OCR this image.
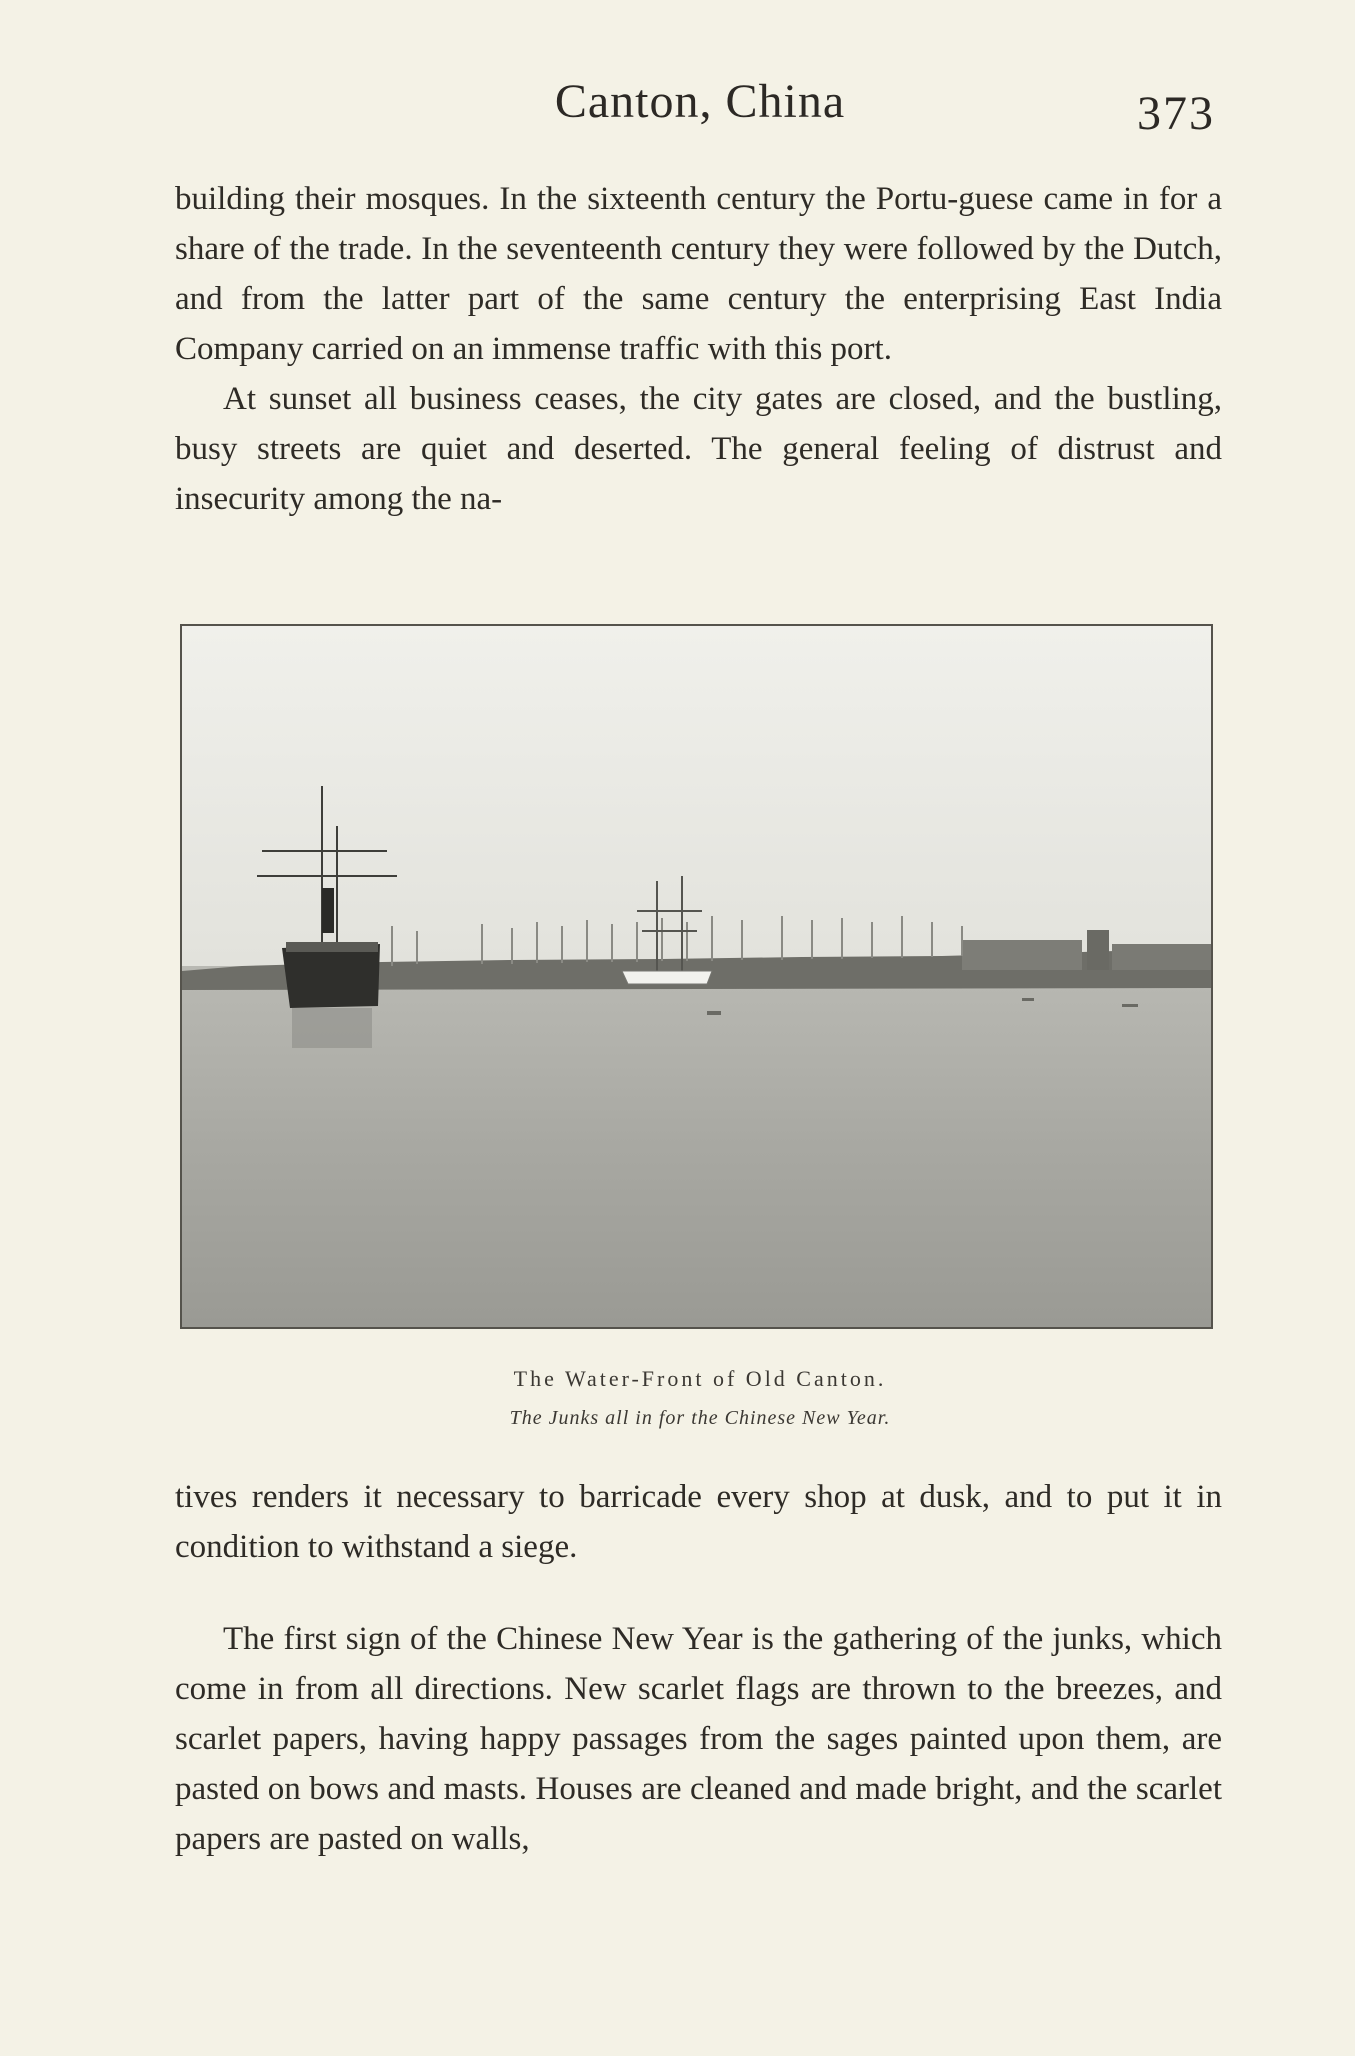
Canton, China	373

building their mosques. In the sixteenth century the Portu-guese came in for a share of the trade. In the seventeenth century they were followed by the Dutch, and from the latter part of the same century the enterprising East India Company carried on an immense traffic with this port.

At sunset all business ceases, the city gates are closed, and the bustling, busy streets are quiet and deserted. The general feeling of distrust and insecurity among the na-

The Water-Front of Old Canton.
The Junks all in for the Chinese New Year.

tives renders it necessary to barricade every shop at dusk, and to put it in condition to withstand a siege.

The first sign of the Chinese New Year is the gathering of the junks, which come in from all directions. New scarlet flags are thrown to the breezes, and scarlet papers, having happy passages from the sages painted upon them, are pasted on bows and masts. Houses are cleaned and made bright, and the scarlet papers are pasted on walls,
